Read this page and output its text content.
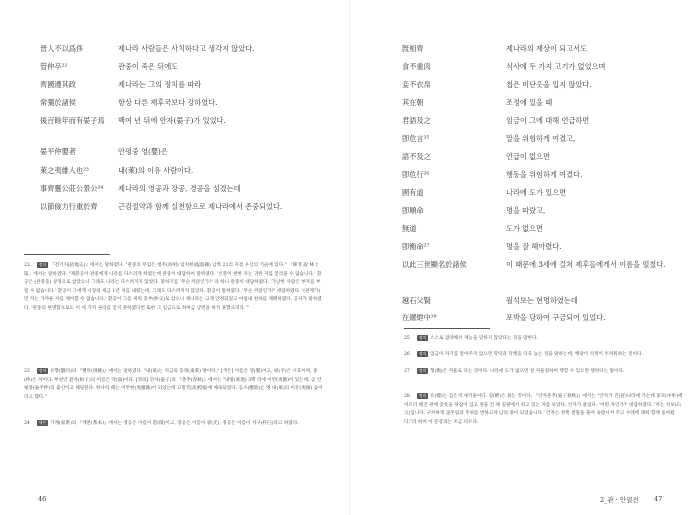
晉人不以爲侈	제나라 사람들은 사치하다고 생각지 않았다.
管仲卒²²	관중이 죽은 뒤에도
齊國遵其政	제나라는 그의 정치를 따라
常彊於諸侯	항상 다른 제후국보다 강하였다.
後百餘年而有晏子焉 백여 년 뒤에 안자(晏子)가 있었다.
晏平仲嬰者	안평중 영(嬰)은
萊之夷維人也²³	내(萊)의 이유 사람이다.
事齊靈公莊公景公²⁴ 제나라의 영공과 장공, 경공을 섬겼는데
以節儉力行重於齊	근검절약과 함께 실천함으로 제나라에서 존중되었다.
22 정의 『전기지(括地志)』에서는 말하였다. "관중의 무덤은 청주(靑州) 임치현(臨淄縣) 남쪽 21리 지점 우산의 기슭에 있다." 「韓非 說 林上篇」에서는 말하였다. "제환공이 관중에게 나라를 다스리게 하였는데 관중이 대답하여 말하였다. '신분이 천한 자는 귀한 자를 굴리올 수 없습니다.' 환공은 (관중을) 상경으로 삼았으나 그래도 나라는 다스려지지 않았다. 말하기를 '무슨 까닭인가?' 라 하니 관중이 대답하였다. '가난한 사람은 부자를 부릴 수 없습니다.' 환공이 그에게 시장의 세금 1년 치를 내렸는데, 그래도 다스려지지 않았다. 환공이 말하였다. '무슨 까닭인가?' 대답하였다. '(관계가) 먼 자는 가까운 자를 제어할 수 없습니다.' 환공이 그를 세워 중부(仲父)로 삼으니 제나라는 크게 안정되었고 마침내 천하를 제패하였다. 공자가 말하였다. '관중의 현명함으로도 이 세 가지 권리를 얻지 못하였다면 또한 그 임금으로 하여금 남면을 하지 못했으리라.'"
23 정의 유향(劉向)의 『별록(別錄)』에서는 말하였다. "내(萊)는 지금의 동래(東萊) 땅이다." [색은] 이름은 영(嬰)이고, 평(平)은 시호이며, 중(仲)은 자이다. 부친인 환자(桓子)의 이름은 약(弱)이다. [정의] 안자(晏子)의 『춘추(春秋)』에서는 "내땅(萊地) 3백 리에 이만(夷蠻)이 있는데, 곧 안평중(晏平仲)의 출신이고 해당된다. 한나라 때는 이만현(夷蠻縣)이 되었는데 고밀국(高密國)에 예속되었다. 응소(應劭)는 옛 내(萊)의 이유(夷維) 읍이라고 했다."
24 색은 가계(家系)의 『계본(系本)』에서는 영공은 이름이 환(環)이고, 장공은 이름이 광(光), 경공은 이름이 저구(杵臼)라고 하였다.
46
旣相齊	제나라의 재상이 되고서도
食不重肉	식사에 두 가지 고기가 없었으며
妾不衣帛	첩은 비단옷을 입지 않았다.
其在朝	조정에 있을 때
君語及之	임금이 그에 대해 언급하면
卽危言²⁵	말을 위험하게 여겼고,
語不及之	언급이 없으면
卽危行²⁶	행동을 위험하게 여겼다.
國有道	나라에 도가 있으면
卽順命	명을 따랐고,
無道	도가 없으면
卽衡命²⁷	명을 잘 헤아렸다.
以此三世顯名於諸侯	이 때문에 3세에 걸쳐 제후들에게서 이름을 떨쳤다.
越石父賢	월석보는 현명하였는데
在縲紲中²⁸	포박을 당하여 구금되어 있었다.
25 정의 스스로 겸양해서 재능을 믿하지 않았다는 것을 말한다.
26 정의 임금이 자기를 알아주지 않으면 학덕과 덕행을 더욱 높는 것을 말하는데, 행당이 억정이 두려워하는 것이다.
27 정의 형(衡)은 저울로 다는 것이다. 나라에 도가 없으면 잘 저울질하여 행할 수 있으면 행한다는 말이다.
28 정의 유(縲)는 검은색 새끼줄이다. 설(紲)은 묶는 것이다. 『안자춘추(晏子春秋)』에서는 "안자가 진(晉)나라에 가는데 중모(中牟)에 이르러 해진 관에 갖옷을 뒤집어 입고 섶을 진 채 길옆에서 쉬고 있는 자를 보았다. 안자가 물었다. '어떤 자인가?' 대답하였다. '저는 석보(石父)입니다. 구차하게 굶주림과 추위를 면하고자 남의 종이 되었습니다.' 안자는 왼쪽 곁말을 풀어 속량시켜 주고 수레에 태워 함께 돌아왔다."라 하여 이 문장과는 조금 다르다.
2_관 · 안열전 47
